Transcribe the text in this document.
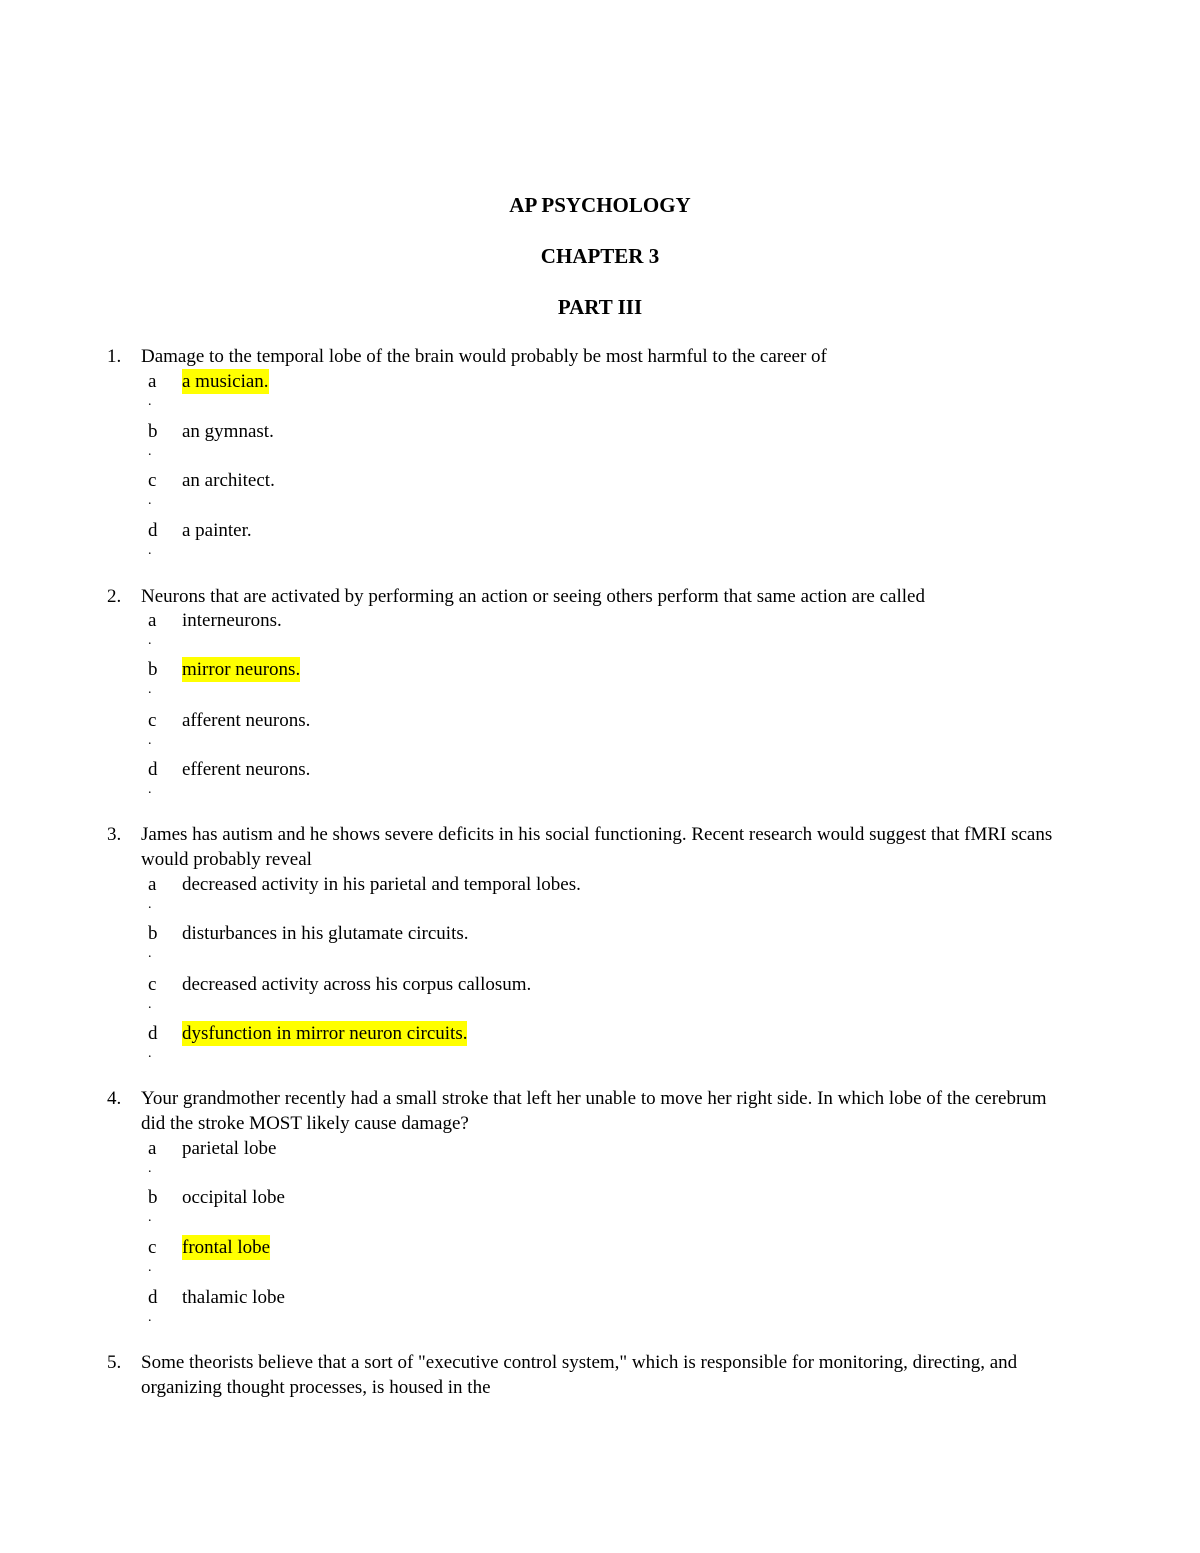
AP PSYCHOLOGY
CHAPTER 3
PART III
1. Damage to the temporal lobe of the brain would probably be most harmful to the career of
a
.
a musician.
b
.
an gymnast.
c
.
an architect.
d
.
a painter.
2. Neurons that are activated by performing an action or seeing others perform that same action are called
a
.
interneurons.
b
.
mirror neurons.
c
.
afferent neurons.
d
.
efferent neurons.
3. James has autism and he shows severe deficits in his social functioning. Recent research would suggest that fMRI scans would probably reveal
a
.
decreased activity in his parietal and temporal lobes.
b
.
disturbances in his glutamate circuits.
c
.
decreased activity across his corpus callosum.
d
.
dysfunction in mirror neuron circuits.
4. Your grandmother recently had a small stroke that left her unable to move her right side. In which lobe of the cerebrum did the stroke MOST likely cause damage?
a
.
parietal lobe
b
.
occipital lobe
c
.
frontal lobe
d
.
thalamic lobe
5. Some theorists believe that a sort of "executive control system," which is responsible for monitoring, directing, and organizing thought processes, is housed in the
